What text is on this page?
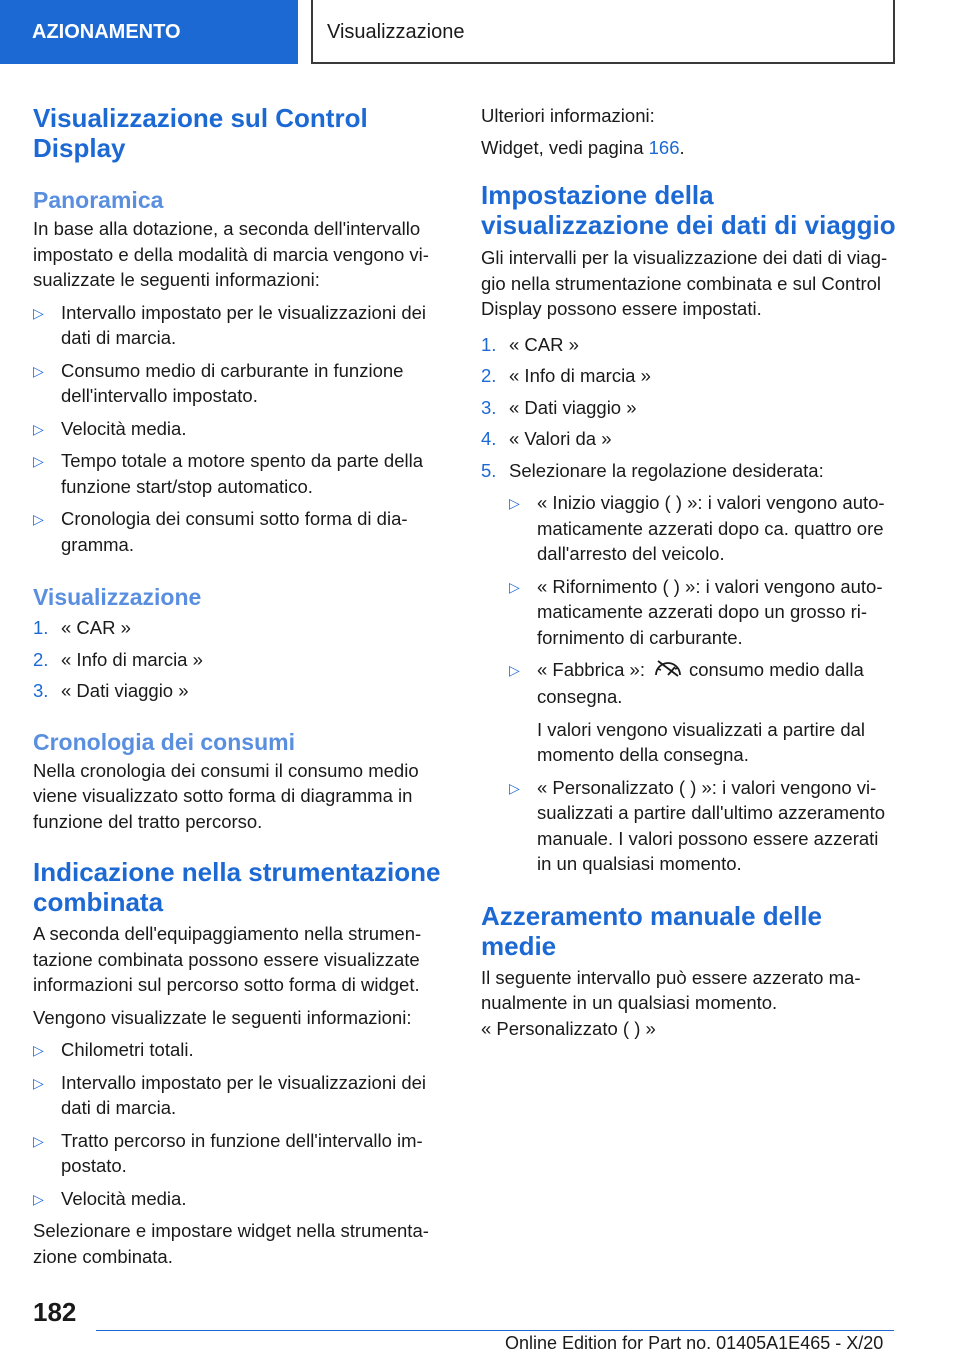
AZIONAMENTO	Visualizzazione
Visualizzazione sul Control Display
Panoramica

In base alla dotazione, a seconda dell'intervallo impostato e della modalità di marcia vengono visualizzate le seguenti informazioni:

▷ Intervallo impostato per le visualizzazioni dei dati di marcia.
▷ Consumo medio di carburante in funzione dell'intervallo impostato.
▷ Velocità media.
▷ Tempo totale a motore spento da parte della funzione start/stop automatico.
▷ Cronologia dei consumi sotto forma di diagramma.
Visualizzazione
1. « CAR »
2. « Info di marcia »
3. « Dati viaggio »
Cronologia dei consumi

Nella cronologia dei consumi il consumo medio viene visualizzato sotto forma di diagramma in funzione del tratto percorso.

Indicazione nella strumentazione combinata

A seconda dell'equipaggiamento nella strumentazione combinata possono essere visualizzate informazioni sul percorso sotto forma di widget.

Vengono visualizzate le seguenti informazioni:

▷ Chilometri totali.
▷ Intervallo impostato per le visualizzazioni dei dati di marcia.
▷ Tratto percorso in funzione dell'intervallo impostato.
▷ Velocità media.

Selezionare e impostare widget nella strumentazione combinata.

Ulteriori informazioni:

Widget, vedi pagina 166.

Impostazione della visualizzazione dei dati di viaggio

Gli intervalli per la visualizzazione dei dati di viaggio nella strumentazione combinata e sul Control Display possono essere impostati.

1. « CAR »
2. « Info di marcia »
3. « Dati viaggio »
4. « Valori da »
5. Selezionare la regolazione desiderata:
▷ « Inizio viaggio ( ) »: i valori vengono automaticamente azzerati dopo ca. quattro ore dall'arresto del veicolo.
▷ « Rifornimento ( ) »: i valori vengono automaticamente azzerati dopo un grosso rifornimento di carburante.
▷ « Fabbrica »: consumo medio dalla consegna.

I valori vengono visualizzati a partire dal momento della consegna.

▷ « Personalizzato ( ) »: i valori vengono visualizzati a partire dall'ultimo azzeramento manuale. I valori possono essere azzerati in un qualsiasi momento.
Azzeramento manuale delle medie

Il seguente intervallo può essere azzerato manualmente in un qualsiasi momento.

« Personalizzato ( ) »

182
Online Edition for Part no. 01405A1E465 - X/20
